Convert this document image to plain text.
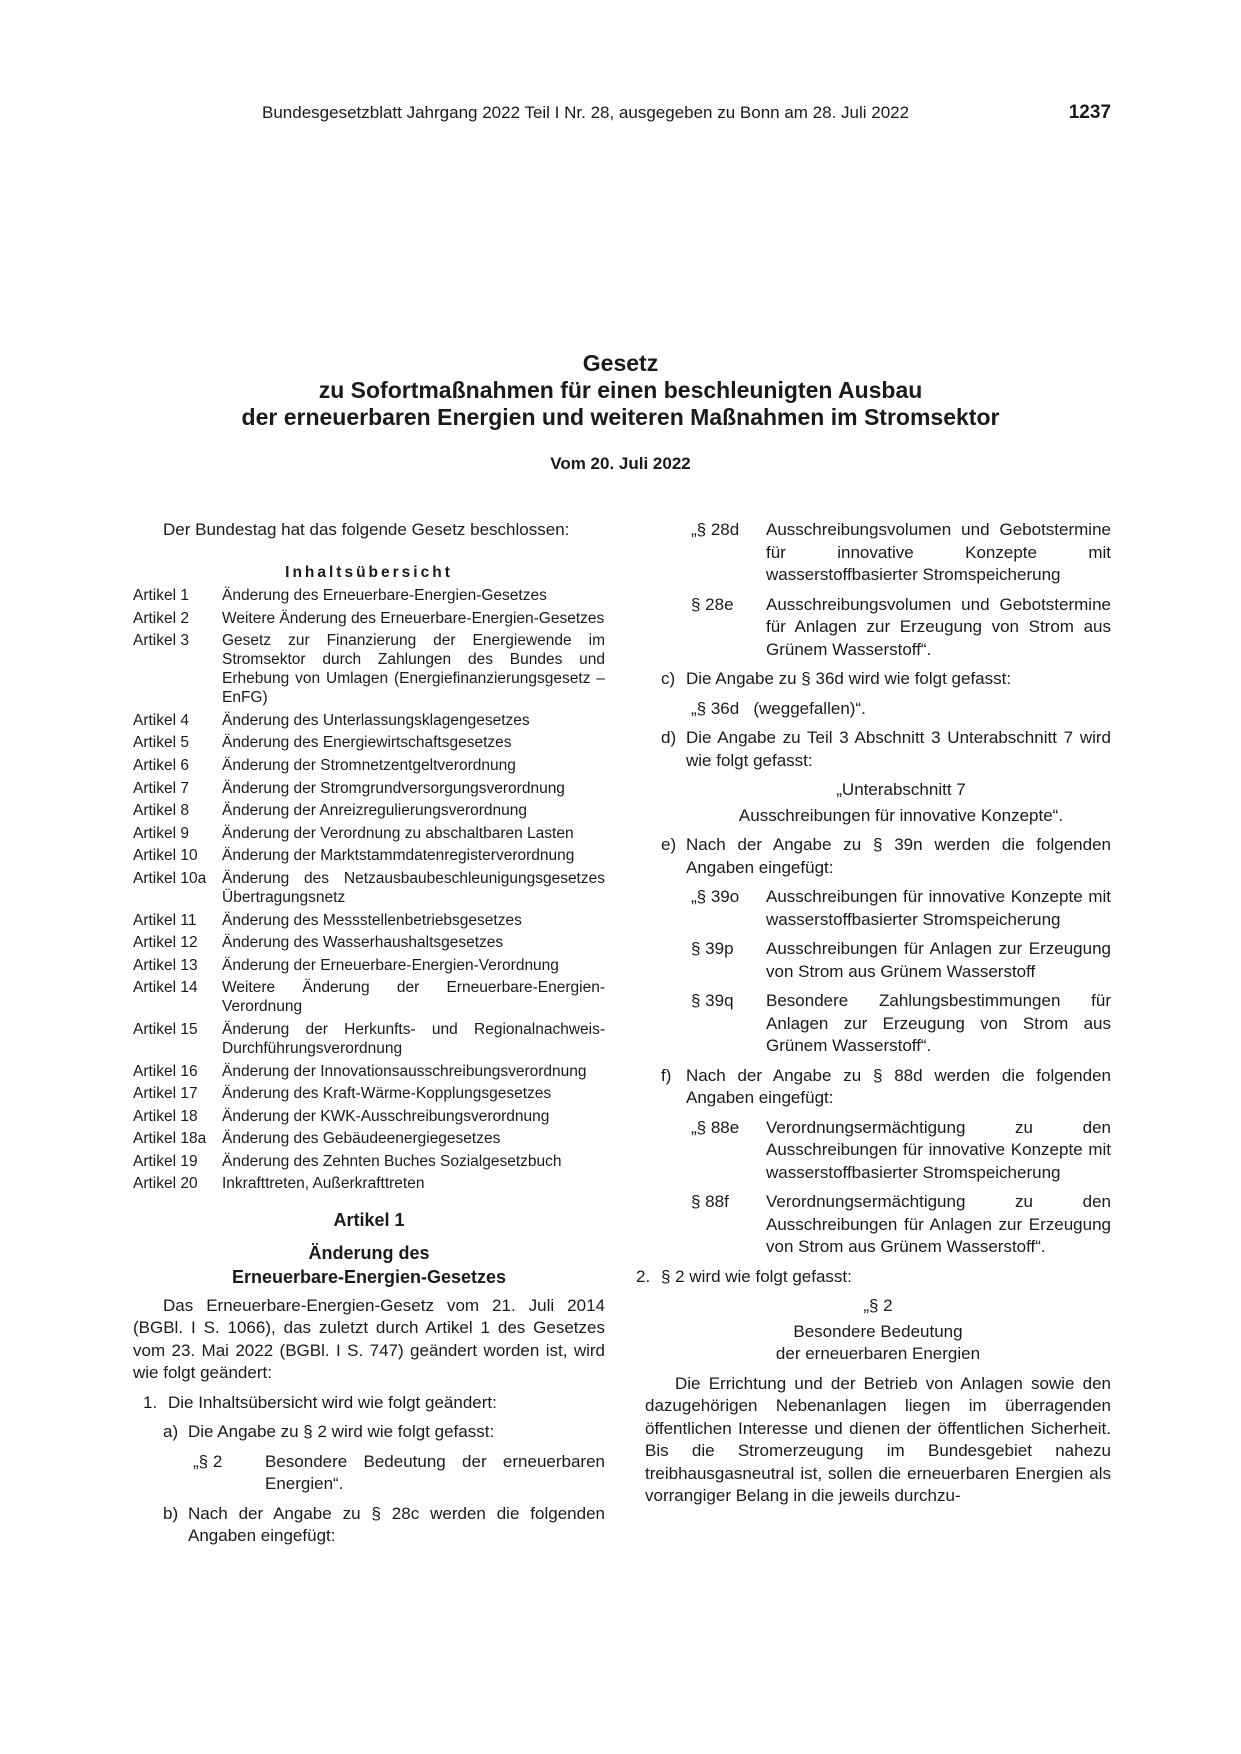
Bundesgesetzblatt Jahrgang 2022 Teil I Nr. 28, ausgegeben zu Bonn am 28. Juli 2022	1237
Gesetz
zu Sofortmaßnahmen für einen beschleunigten Ausbau
der erneuerbaren Energien und weiteren Maßnahmen im Stromsektor
Vom 20. Juli 2022

Der Bundestag hat das folgende Gesetz beschlossen:

Inhaltsübersicht
Artikel 1	Änderung des Erneuerbare-Energien-Gesetzes
Artikel 2	Weitere Änderung des Erneuerbare-Energien-Gesetzes
Artikel 3	Gesetz zur Finanzierung der Energiewende im Stromsektor durch Zahlungen des Bundes und Erhebung von Umlagen (Energiefinanzierungsgesetz – EnFG)
Artikel 4	Änderung des Unterlassungsklagengesetzes
Artikel 5	Änderung des Energiewirtschaftsgesetzes
Artikel 6	Änderung der Stromnetzentgeltverordnung
Artikel 7	Änderung der Stromgrundversorgungsverordnung
Artikel 8	Änderung der Anreizregulierungsverordnung
Artikel 9	Änderung der Verordnung zu abschaltbaren Lasten
Artikel 10	Änderung der Marktstammdatenregisterverordnung
Artikel 10a	Änderung des Netzausbaubeschleunigungsgesetzes Übertragungsnetz
Artikel 11	Änderung des Messstellenbetriebsgesetzes
Artikel 12	Änderung des Wasserhaushaltsgesetzes
Artikel 13	Änderung der Erneuerbare-Energien-Verordnung
Artikel 14	Weitere Änderung der Erneuerbare-Energien-Verordnung
Artikel 15	Änderung der Herkunfts- und Regionalnachweis-Durchführungsverordnung
Artikel 16	Änderung der Innovationsausschreibungsverordnung
Artikel 17	Änderung des Kraft-Wärme-Kopplungsgesetzes
Artikel 18	Änderung der KWK-Ausschreibungsverordnung
Artikel 18a	Änderung des Gebäudeenergiegesetzes
Artikel 19	Änderung des Zehnten Buches Sozialgesetzbuch
Artikel 20	Inkrafttreten, Außerkrafttreten
Artikel 1
Änderung des
Erneuerbare-Energien-Gesetzes

Das Erneuerbare-Energien-Gesetz vom 21. Juli 2014 (BGBl. I S. 1066), das zuletzt durch Artikel 1 des Gesetzes vom 23. Mai 2022 (BGBl. I S. 747) geändert worden ist, wird wie folgt geändert:

1. Die Inhaltsübersicht wird wie folgt geändert:
a) Die Angabe zu § 2 wird wie folgt gefasst:
„§ 2	Besondere Bedeutung der erneuerbaren Energien“.
b) Nach der Angabe zu § 28c werden die folgenden Angaben eingefügt:
„§ 28d	Ausschreibungsvolumen und Gebotstermine für innovative Konzepte mit wasserstoffbasierter Stromspeicherung
§ 28e	Ausschreibungsvolumen und Gebotstermine für Anlagen zur Erzeugung von Strom aus Grünem Wasserstoff“.
c) Die Angabe zu § 36d wird wie folgt gefasst:

„§ 36d   (weggefallen)“.

d) Die Angabe zu Teil 3 Abschnitt 3 Unterabschnitt 7 wird wie folgt gefasst:

„Unterabschnitt 7

Ausschreibungen für innovative Konzepte“.

e) Nach der Angabe zu § 39n werden die folgenden Angaben eingefügt:
„§ 39o	Ausschreibungen für innovative Konzepte mit wasserstoffbasierter Stromspeicherung
§ 39p	Ausschreibungen für Anlagen zur Erzeugung von Strom aus Grünem Wasserstoff
§ 39q	Besondere Zahlungsbestimmungen für Anlagen zur Erzeugung von Strom aus Grünem Wasserstoff“.
f) Nach der Angabe zu § 88d werden die folgenden Angaben eingefügt:
„§ 88e	Verordnungsermächtigung zu den Ausschreibungen für innovative Konzepte mit wasserstoffbasierter Stromspeicherung
§ 88f	Verordnungsermächtigung zu den Ausschreibungen für Anlagen zur Erzeugung von Strom aus Grünem Wasserstoff“.
2. § 2 wird wie folgt gefasst:

„§ 2

Besondere Bedeutung
der erneuerbaren Energien

Die Errichtung und der Betrieb von Anlagen sowie den dazugehörigen Nebenanlagen liegen im überragenden öffentlichen Interesse und dienen der öffentlichen Sicherheit. Bis die Stromerzeugung im Bundesgebiet nahezu treibhausgasneutral ist, sollen die erneuerbaren Energien als vorrangiger Belang in die jeweils durchzu-
